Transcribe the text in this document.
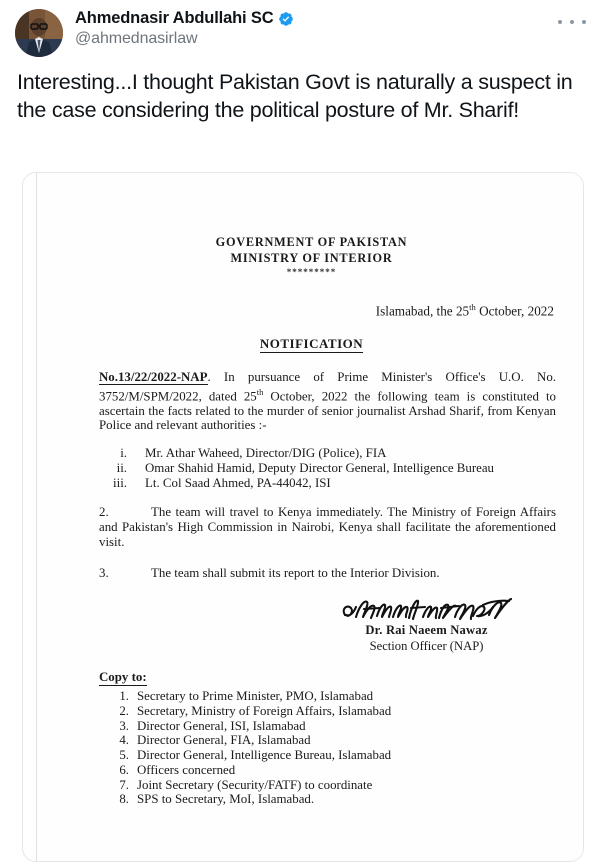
Ahmednasir Abdullahi SC
@ahmednasirlaw
Interesting...I thought Pakistan Govt is naturally a suspect in the case considering the political posture of Mr. Sharif!
GOVERNMENT OF PAKISTAN
MINISTRY OF INTERIOR
*********
Islamabad, the 25th October, 2022
NOTIFICATION
No.13/22/2022-NAP. In pursuance of Prime Minister's Office's U.O. No. 3752/M/SPM/2022, dated 25th October, 2022 the following team is constituted to ascertain the facts related to the murder of senior journalist Arshad Sharif, from Kenyan Police and relevant authorities :-
i.	Mr. Athar Waheed, Director/DIG (Police), FIA
ii.	Omar Shahid Hamid, Deputy Director General, Intelligence Bureau
iii.	Lt. Col Saad Ahmed, PA-44042, ISI
2.	The team will travel to Kenya immediately. The Ministry of Foreign Affairs and Pakistan's High Commission in Nairobi, Kenya shall facilitate the aforementioned visit.
3.	The team shall submit its report to the Interior Division.
Dr. Rai Naeem Nawaz
Section Officer (NAP)
Copy to:
1. Secretary to Prime Minister, PMO, Islamabad
2. Secretary, Ministry of Foreign Affairs, Islamabad
3. Director General, ISI, Islamabad
4. Director General, FIA, Islamabad
5. Director General, Intelligence Bureau, Islamabad
6. Officers concerned
7. Joint Secretary (Security/FATF) to coordinate
8. SPS to Secretary, MoI, Islamabad.
